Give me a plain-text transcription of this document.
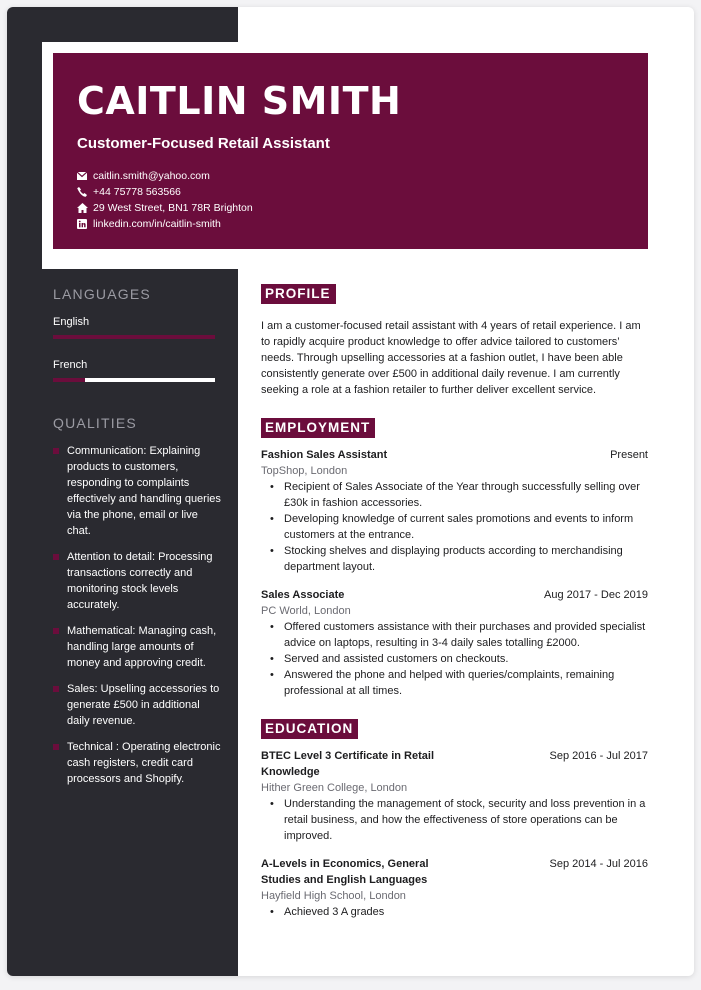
CAITLIN SMITH
Customer-Focused Retail Assistant
caitlin.smith@yahoo.com
+44 75778 563566
29 West Street, BN1 78R Brighton
linkedin.com/in/caitlin-smith
LANGUAGES
English
French
QUALITIES
Communication: Explaining products to customers, responding to complaints effectively and handling queries via the phone, email or live chat.
Attention to detail: Processing transactions correctly and monitoring stock levels accurately.
Mathematical: Managing cash, handling large amounts of money and approving credit.
Sales: Upselling accessories to generate £500 in additional daily revenue.
Technical : Operating electronic cash registers, credit card processors and Shopify.
PROFILE
I am a customer-focused retail assistant with 4 years of retail experience. I am to rapidly acquire product knowledge to offer advice tailored to customers’ needs. Through upselling accessories at a fashion outlet, I have been able consistently generate over £500 in additional daily revenue. I am currently seeking a role at a fashion retailer to further deliver excellent service.
EMPLOYMENT
Fashion Sales Assistant	Present
TopShop, London
• Recipient of Sales Associate of the Year through successfully selling over £30k in fashion accessories.
• Developing knowledge of current sales promotions and events to inform customers at the entrance.
• Stocking shelves and displaying products according to merchandising department layout.
Sales Associate	Aug 2017 - Dec 2019
PC World, London
• Offered customers assistance with their purchases and provided specialist advice on laptops, resulting in 3-4 daily sales totalling £2000.
• Served and assisted customers on checkouts.
• Answered the phone and helped with queries/complaints, remaining professional at all times.
EDUCATION
BTEC Level 3 Certificate in Retail Knowledge
Sep 2016 - Jul 2017
Hither Green College, London
• Understanding the management of stock, security and loss prevention in a retail business, and how the effectiveness of store operations can be improved.
A-Levels in Economics, General Studies and English Languages
Sep 2014 - Jul 2016
Hayfield High School, London
• Achieved 3 A grades
